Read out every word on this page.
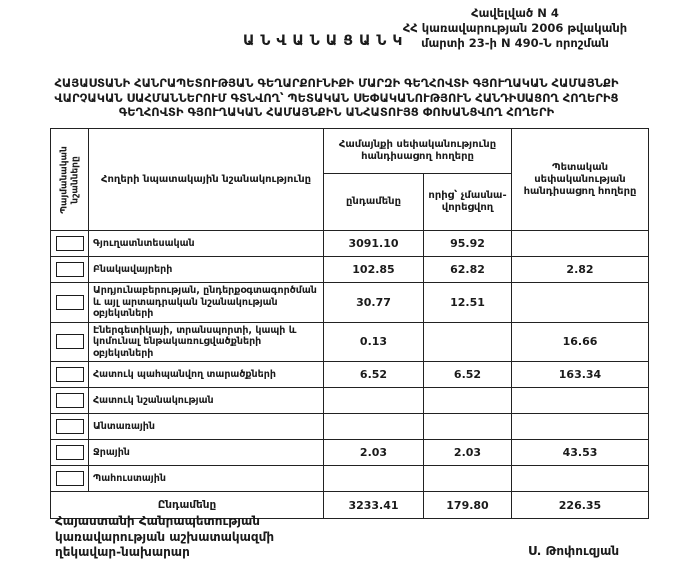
Հավելված N 4
ՀՀ կառավարության 2006 թվականի
մարտի 23-ի N 490-Ն որոշման
ԱՆՎԱՆԱՑԱՆԿ
ՀԱՅԱՍՏԱՆԻ ՀԱՆՐԱՊԵՏՈՒԹՅԱՆ ԳԵՂԱՐՔՈՒՆԻՔԻ ՄԱՐԶԻ ԳԵՂՀՈՎՏԻ ԳՅՈՒՂԱԿԱՆ ՀԱՄԱՅՆՔԻ
ՎԱՐՉԱԿԱՆ ՍԱՀՄԱՆՆԵՐՈՒՄ ԳՏՆՎՈՂ՝ ՊԵՏԱԿԱՆ ՍԵՓԱԿԱՆՈՒԹՅՈՒՆ ՀԱՆԴԻՍԱՑՈՂ ՀՈՂԵՐԻՑ
ԳԵՂՀՈՎՏԻ ԳՅՈՒՂԱԿԱՆ ՀԱՄԱՅՆՔԻՆ ԱՆՀԱՏՈՒՅՑ ՓՈԽԱՆՑՎՈՂ ՀՈՂԵՐԻ
Պայմանական նշանները	Հողերի նպատակային նշանակությունը	Համայնքի սեփականությունը հանդիսացող հողերը		Պետական սեփականության հանդիսացող հողերը
		ընդամենը	որից՝ չմասնա-վորեցվող	
	Գյուղատնտեսական	3091.10	95.92	
	Բնակավայրերի	102.85	62.82	2.82
	Արդյունաբերության, ընդերքօգտագործման և այլ արտադրական նշանակության օբյեկտների	30.77	12.51	
	Էներգետիկայի, տրանսպորտի, կապի և կոմունալ ենթակառուցվածքների օբյեկտների	0.13		16.66
	Հատուկ պահպանվող տարածքների	6.52	6.52	163.34
	Հատուկ նշանակության			
	Անտառային			
	Ջրային	2.03	2.03	43.53
	Պահուստային			
Ընդամենը		3233.41	179.80	226.35
Հայաստանի Հանրապետության
կառավարության աշխատակազմի
ղեկավար-նախարար	Ս. Թոփուզյան
